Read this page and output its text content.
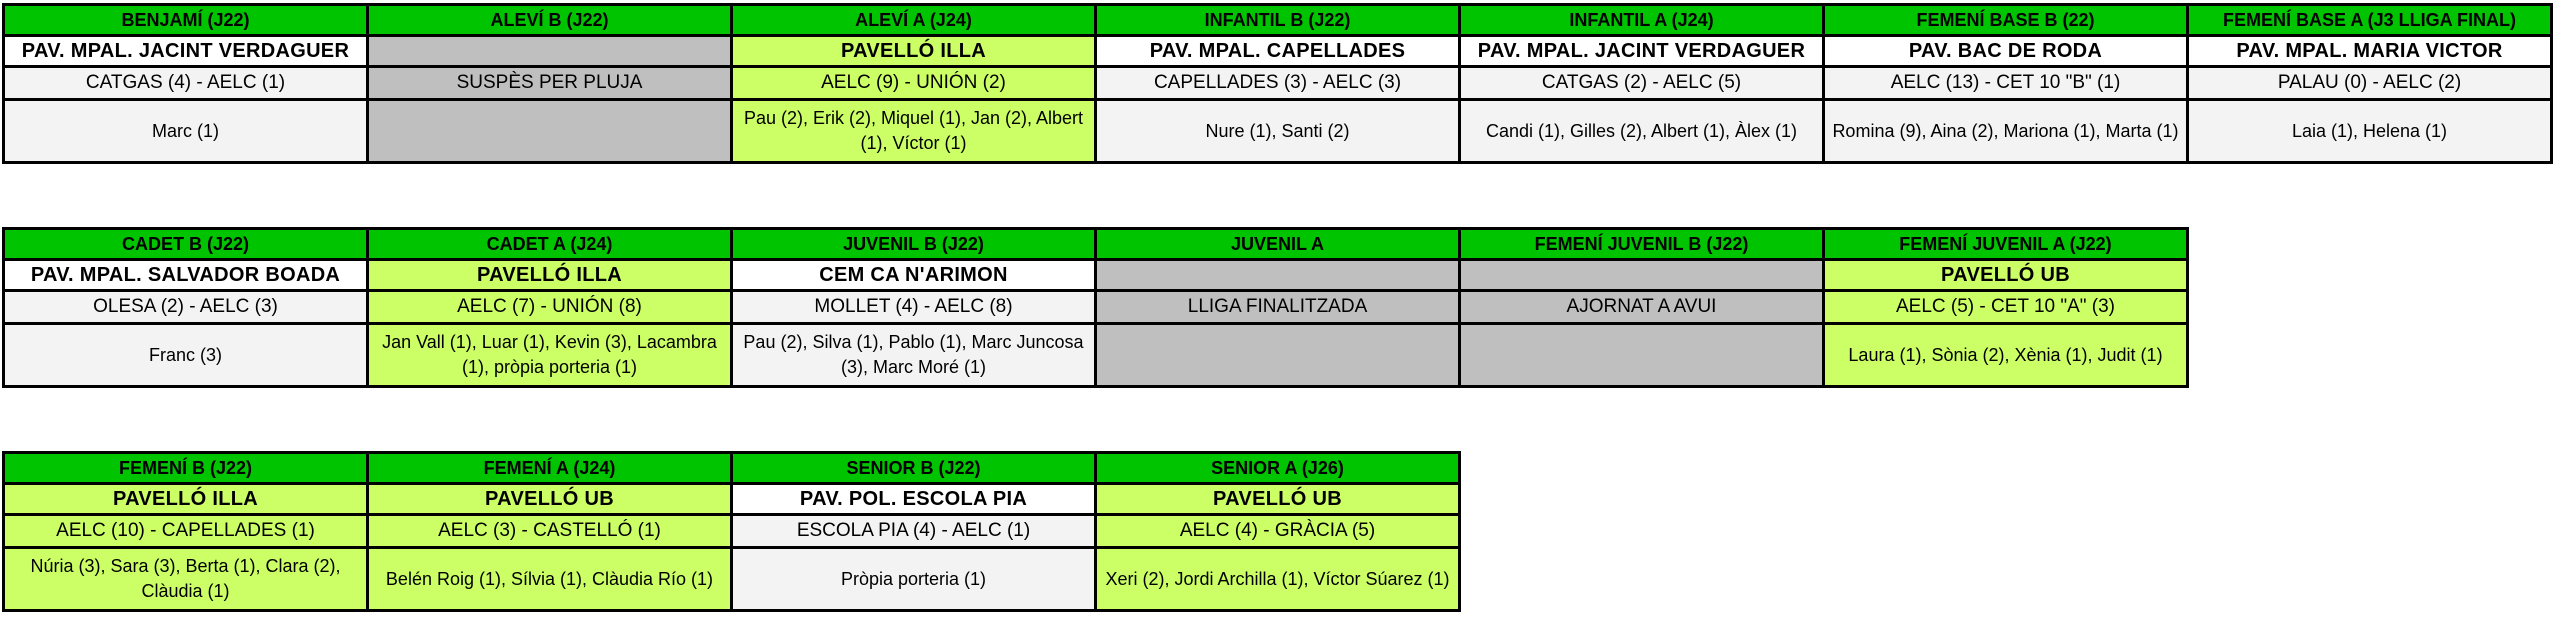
BENJAMÍ (J22)
PAV. MPAL. JACINT VERDAGUER
CATGAS (4) - AELC (1)
Marc (1)
ALEVÍ B (J22)
SUSPÈS PER PLUJA
ALEVÍ A (J24)
PAVELLÓ ILLA
AELC (9) - UNIÓN (2)
Pau (2), Erik (2), Miquel (1), Jan (2), Albert (1), Víctor (1)
INFANTIL B (J22)
PAV. MPAL. CAPELLADES
CAPELLADES (3) - AELC (3)
Nure (1), Santi (2)
INFANTIL A (J24)
PAV. MPAL. JACINT VERDAGUER
CATGAS (2) - AELC (5)
Candi (1), Gilles (2), Albert (1), Àlex (1)
FEMENÍ BASE B (22)
PAV. BAC DE RODA
AELC (13) - CET 10 "B" (1)
Romina (9), Aina (2), Mariona (1), Marta (1)
FEMENÍ BASE A (J3 LLIGA FINAL)
PAV. MPAL. MARIA VICTOR
PALAU (0) - AELC (2)
Laia (1), Helena (1)
CADET B (J22)
PAV. MPAL. SALVADOR BOADA
OLESA (2) - AELC (3)
Franc (3)
CADET A (J24)
PAVELLÓ ILLA
AELC (7) - UNIÓN (8)
Jan Vall (1), Luar (1), Kevin (3), Lacambra (1), pròpia porteria (1)
JUVENIL B (J22)
CEM CA N'ARIMON
MOLLET (4) - AELC (8)
Pau (2), Silva (1), Pablo (1), Marc Juncosa (3), Marc Moré (1)
JUVENIL A
LLIGA FINALITZADA
FEMENÍ JUVENIL B (J22)
AJORNAT A AVUI
FEMENÍ JUVENIL A (J22)
PAVELLÓ UB
AELC (5) - CET 10 "A" (3)
Laura (1), Sònia (2), Xènia (1), Judit (1)
FEMENÍ B (J22)
PAVELLÓ ILLA
AELC (10) - CAPELLADES (1)
Núria (3), Sara (3), Berta (1), Clara (2), Clàudia (1)
FEMENÍ A (J24)
PAVELLÓ UB
AELC (3) - CASTELLÓ (1)
Belén Roig (1), Sílvia (1), Clàudia Río (1)
SENIOR B (J22)
PAV. POL. ESCOLA PIA
ESCOLA PIA (4) - AELC (1)
Pròpia porteria (1)
SENIOR A (J26)
PAVELLÓ UB
AELC (4) - GRÀCIA (5)
Xeri (2), Jordi Archilla (1), Víctor Súarez (1)
